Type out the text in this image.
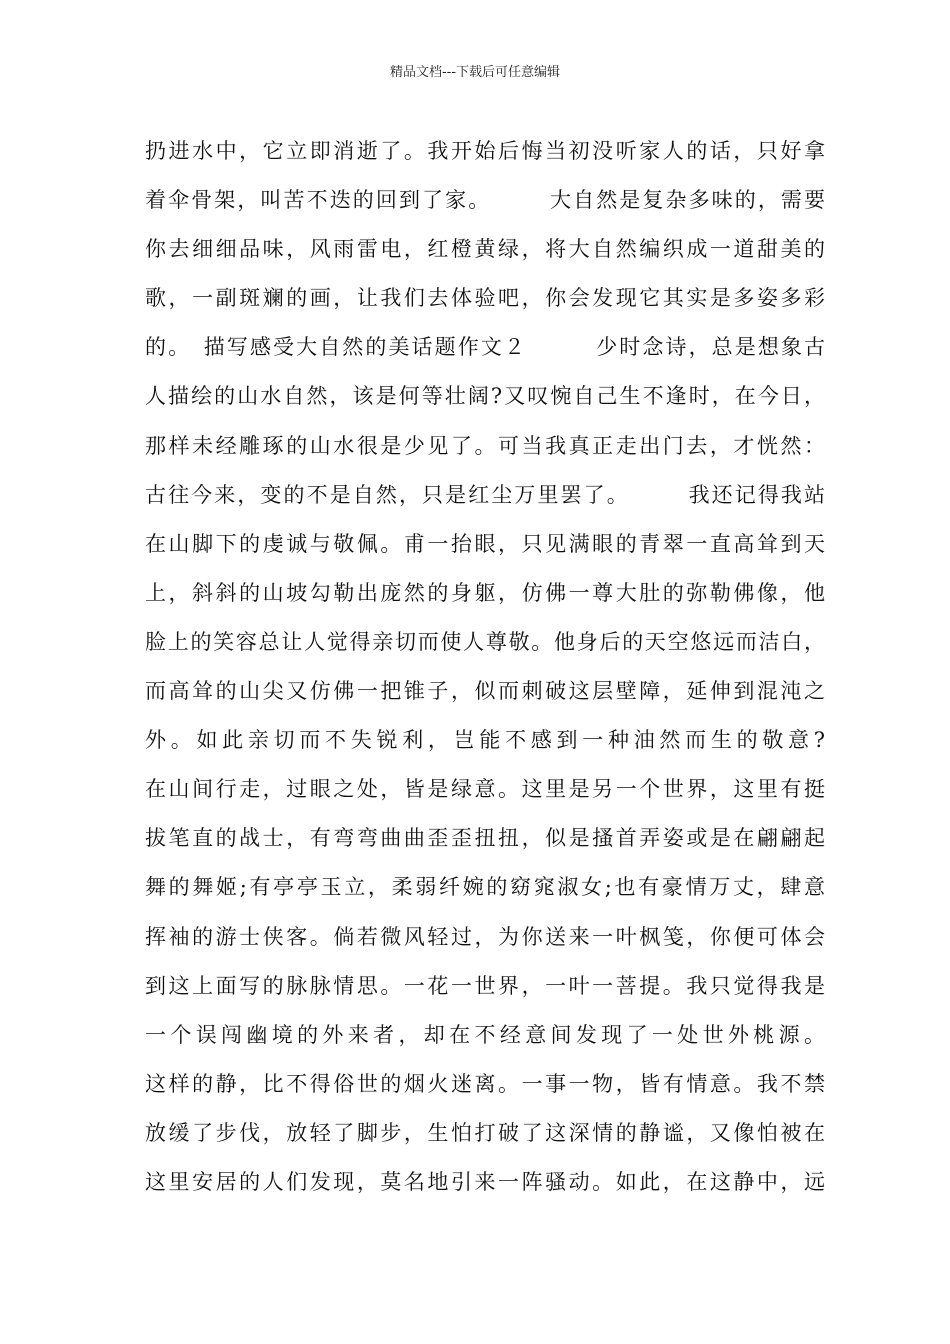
精品文档---下载后可任意编辑
扔进水中，它立即消逝了。我开始后悔当初没听家人的话，只好拿
着伞骨架，叫苦不迭的回到了家。　　　大自然是复杂多味的，需要
你去细细品味，风雨雷电，红橙黄绿，将大自然编织成一道甜美的
歌，一副斑斓的画，让我们去体验吧，你会发现它其实是多姿多彩
的。　描写感受大自然的美话题作文２　　　少时念诗，总是想象古
人描绘的山水自然，该是何等壮阔?又叹惋自己生不逢时，在今日，
那样未经雕琢的山水很是少见了。可当我真正走出门去，才恍然：
古往今来，变的不是自然，只是红尘万里罢了。　　　我还记得我站
在山脚下的虔诚与敬佩。甫一抬眼，只见满眼的青翠一直高耸到天
上，斜斜的山坡勾勒出庞然的身躯，仿佛一尊大肚的弥勒佛像，他
脸上的笑容总让人觉得亲切而使人尊敬。他身后的天空悠远而洁白，
而高耸的山尖又仿佛一把锥子，似而刺破这层壁障，延伸到混沌之
外。如此亲切而不失锐利，岂能不感到一种油然而生的敬意?
在山间行走，过眼之处，皆是绿意。这里是另一个世界，这里有挺
拔笔直的战士，有弯弯曲曲歪歪扭扭，似是搔首弄姿或是在翩翩起
舞的舞姬;有亭亭玉立，柔弱纤婉的窈窕淑女;也有豪情万丈，肆意
挥袖的游士侠客。倘若微风轻过，为你送来一叶枫笺，你便可体会
到这上面写的脉脉情思。一花一世界，一叶一菩提。我只觉得我是
一个误闯幽境的外来者，却在不经意间发现了一处世外桃源。
这样的静，比不得俗世的烟火迷离。一事一物，皆有情意。我不禁
放缓了步伐，放轻了脚步，生怕打破了这深情的静谧，又像怕被在
这里安居的人们发现，莫名地引来一阵骚动。如此，在这静中，远
